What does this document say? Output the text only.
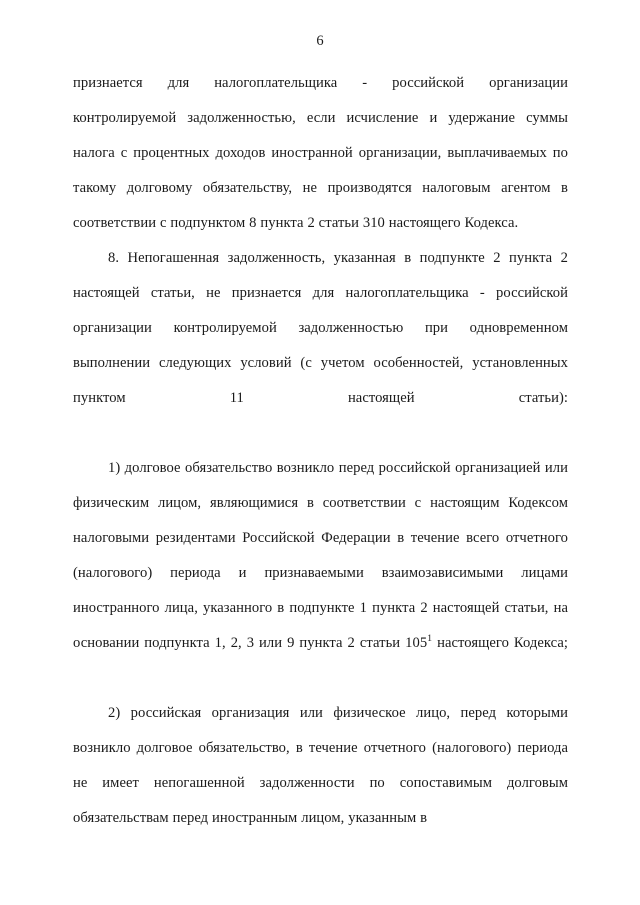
6

признается для налогоплательщика - российской организации контролируемой задолженностью, если исчисление и удержание суммы налога с процентных доходов иностранной организации, выплачиваемых по такому долговому обязательству, не производятся налоговым агентом в соответствии с подпунктом 8 пункта 2 статьи 310 настоящего Кодекса.

8. Непогашенная задолженность, указанная в подпункте 2 пункта 2 настоящей статьи, не признается для налогоплательщика - российской организации контролируемой задолженностью при одновременном выполнении следующих условий (с учетом особенностей, установленных пунктом 11 настоящей статьи):

1) долговое обязательство возникло перед российской организацией или физическим лицом, являющимися в соответствии с настоящим Кодексом налоговыми резидентами Российской Федерации в течение всего отчетного (налогового) периода и признаваемыми взаимозависимыми лицами иностранного лица, указанного в подпункте 1 пункта 2 настоящей статьи, на основании подпункта 1, 2, 3 или 9 пункта 2 статьи $105^1$ настоящего Кодекса;

2) российская организация или физическое лицо, перед которыми возникло долговое обязательство, в течение отчетного (налогового) периода не имеет непогашенной задолженности по сопоставимым долговым обязательствам перед иностранным лицом, указанным в
